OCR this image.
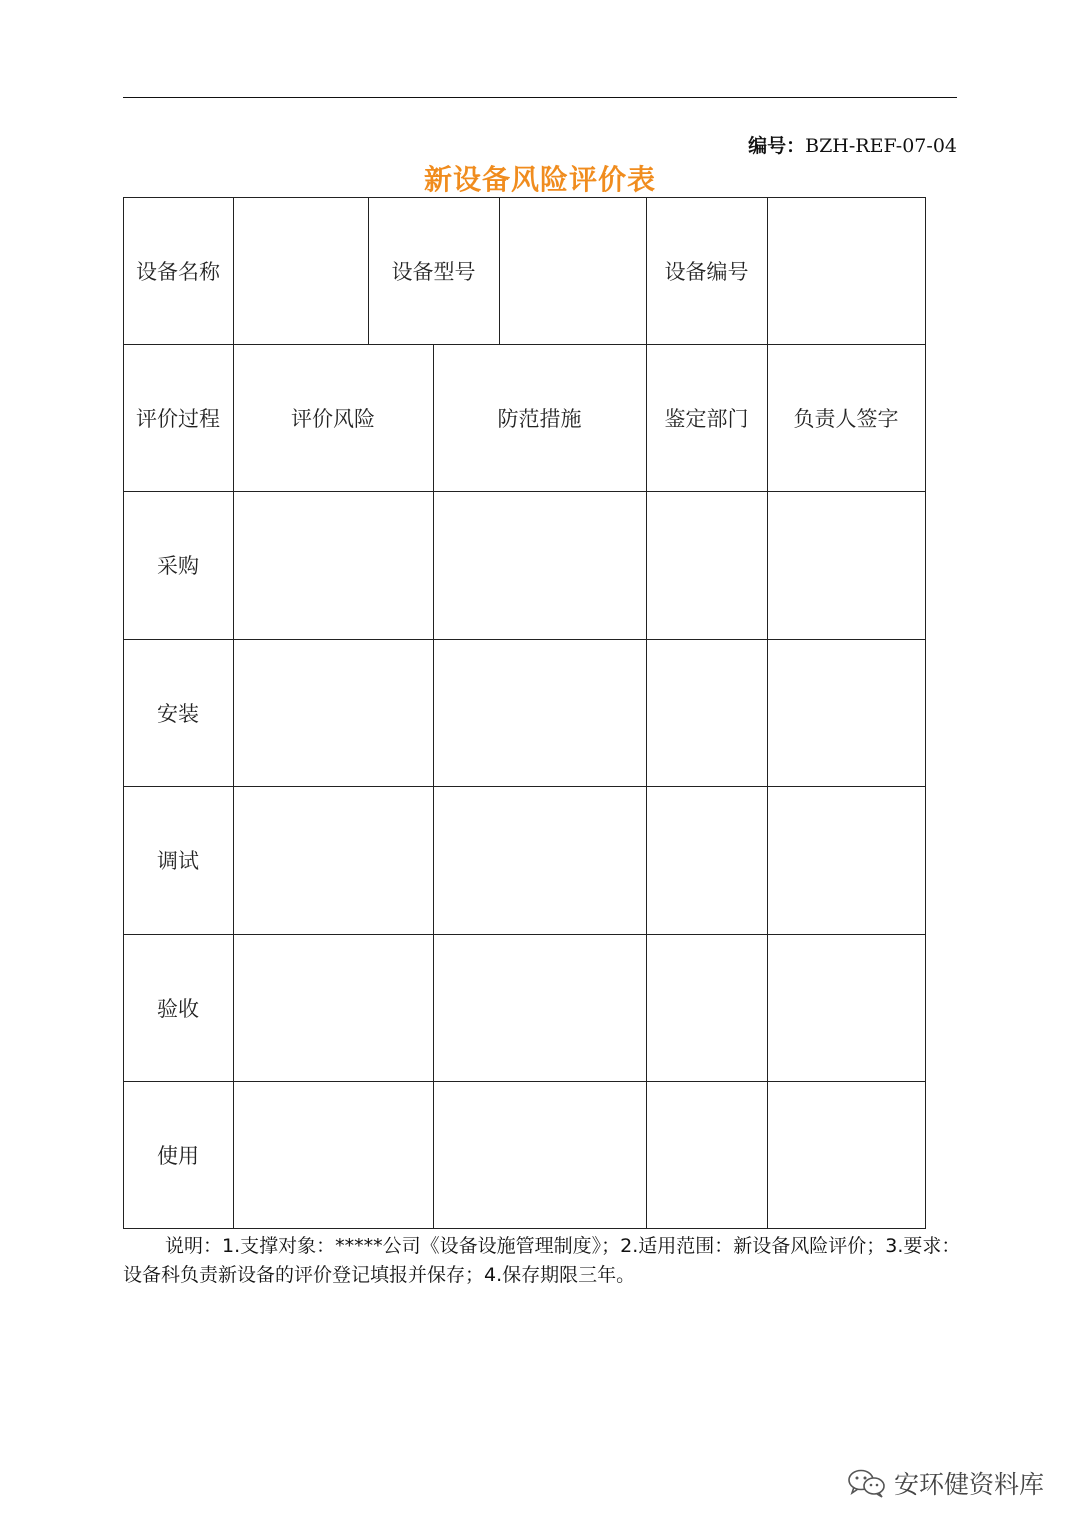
编号：BZH-REF-07-04
新设备风险评价表
设备名称	设备型号	设备编号
评价过程	评价风险	防范措施	鉴定部门	负责人签字
采购
安装
调试
验收
使用
说明：1.支撑对象：*****公司《设备设施管理制度》；2.适用范围：新设备风险评价；3.要求：设备科负责新设备的评价登记填报并保存；4.保存期限三年。
安环健资料库
